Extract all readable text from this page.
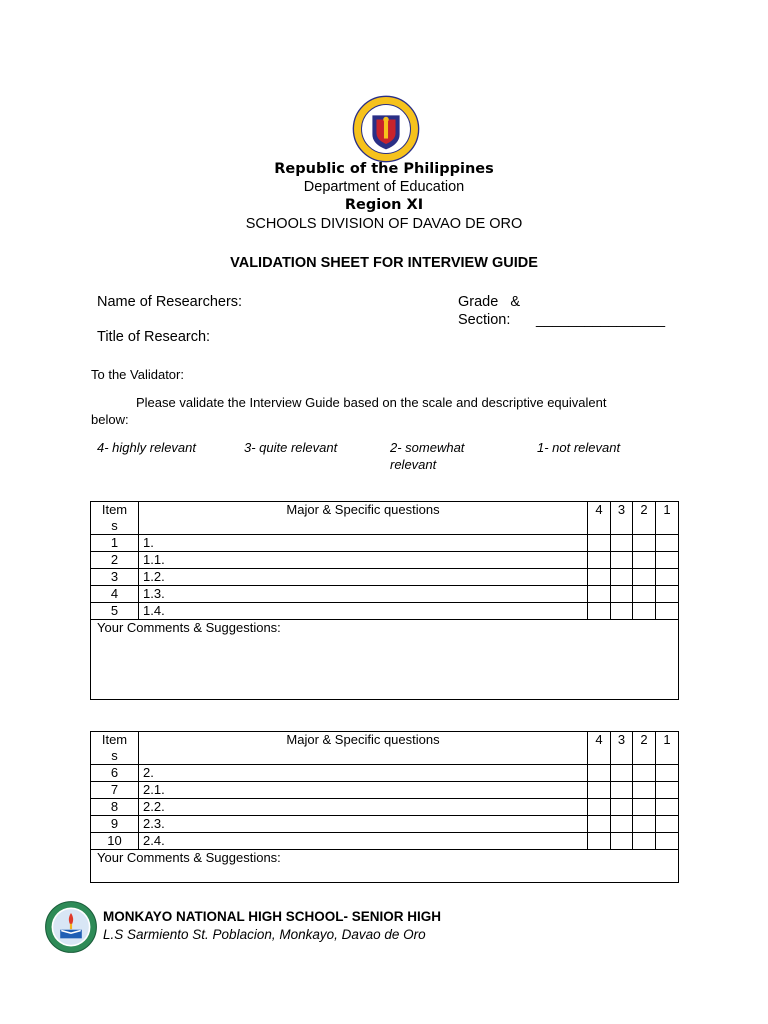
Republic of the Philippines
Department of Education
Region XI
SCHOOLS DIVISION OF DAVAO DE ORO
VALIDATION SHEET FOR INTERVIEW GUIDE
Name of Researchers:	Grade   &
Section: ________________
Title of Research:
To the Validator:
Please validate the Interview Guide based on the scale and descriptive equivalent
below:
4- highly relevant	3- quite relevant	2- somewhat
relevant
1- not relevant
Item
s	Major & Specific questions	4	3	2	1
1	1.				
2	1.1.				
3	1.2.				
4	1.3.				
5	1.4.				
Your Comments & Suggestions:					
Item
s	Major & Specific questions	4	3	2	1
6	2.				
7	2.1.				
8	2.2.				
9	2.3.				
10	2.4.				
Your Comments & Suggestions:					
MONKAYO NATIONAL HIGH SCHOOL- SENIOR HIGH
L.S Sarmiento St. Poblacion, Monkayo, Davao de Oro
